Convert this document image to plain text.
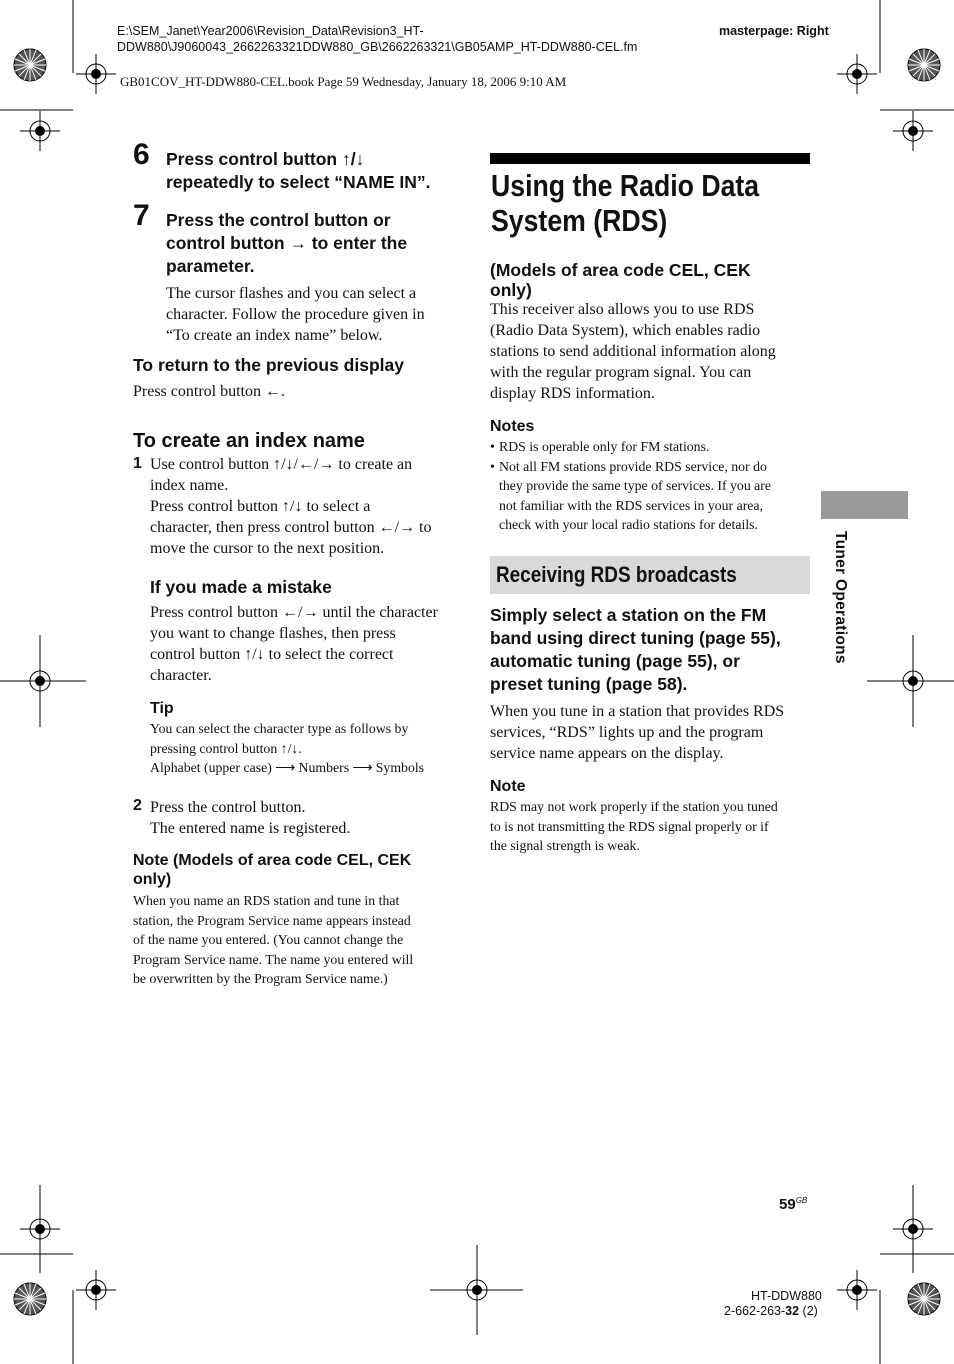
E:\SEM_Janet\Year2006\Revision_Data\Revision3_HT-
DDW880\J9060043_2662263321DDW880_GB\2662263321\GB05AMP_HT-DDW880-CEL.fm
masterpage: Right
GB01COV_HT-DDW880-CEL.book Page 59 Wednesday, January 18, 2006 9:10 AM
6 Press control button ↑/↓
repeatedly to select “NAME IN”.
7 Press the control button or
control button → to enter the
parameter.
The cursor flashes and you can select a
character. Follow the procedure given in
“To create an index name” below.
To return to the previous display
Press control button ←.
To create an index name
1 Use control button ↑/↓/←/→ to create an
index name.
Press control button ↑/↓ to select a
character, then press control button ←/→ to
move the cursor to the next position.
If you made a mistake
Press control button ←/→ until the character
you want to change flashes, then press
control button ↑/↓ to select the correct
character.
Tip
You can select the character type as follows by
pressing control button ↑/↓.
Alphabet (upper case) ⟶ Numbers ⟶ Symbols
2 Press the control button.
The entered name is registered.
Note (Models of area code CEL, CEK
only)
When you name an RDS station and tune in that
station, the Program Service name appears instead
of the name you entered. (You cannot change the
Program Service name. The name you entered will
be overwritten by the Program Service name.)
Using the Radio Data
System (RDS)
(Models of area code CEL, CEK
only)
This receiver also allows you to use RDS
(Radio Data System), which enables radio
stations to send additional information along
with the regular program signal. You can
display RDS information.
Notes
• RDS is operable only for FM stations.
• Not all FM stations provide RDS service, nor do
they provide the same type of services. If you are
not familiar with the RDS services in your area,
check with your local radio stations for details.
Receiving RDS broadcasts
Simply select a station on the FM
band using direct tuning (page 55),
automatic tuning (page 55), or
preset tuning (page 58).
When you tune in a station that provides RDS
services, “RDS” lights up and the program
service name appears on the display.
Note
RDS may not work properly if the station you tuned
to is not transmitting the RDS signal properly or if
the signal strength is weak.
Tuner Operations
$59^{GB}$
HT-DDW880
2-662-263-32 (2)
